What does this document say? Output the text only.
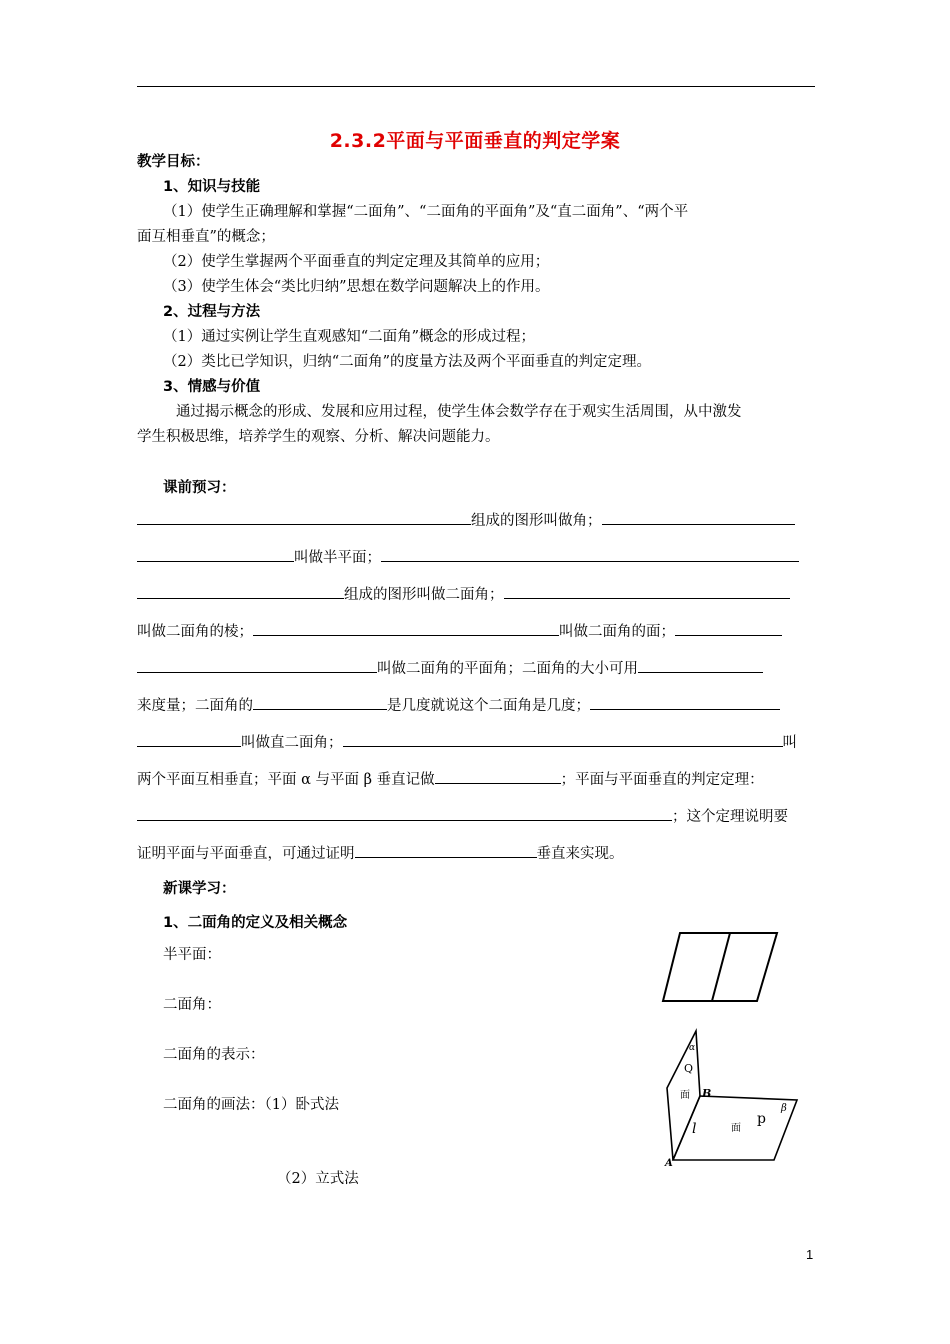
2.3.2平面与平面垂直的判定学案
教学目标：
1、知识与技能
（1）使学生正确理解和掌握“二面角”、“二面角的平面角”及“直二面角”、“两个平
面互相垂直”的概念；
（2）使学生掌握两个平面垂直的判定定理及其简单的应用；
（3）使学生体会“类比归纳”思想在数学问题解决上的作用。
2、过程与方法
（1）通过实例让学生直观感知“二面角”概念的形成过程；
（2）类比已学知识，归纳“二面角”的度量方法及两个平面垂直的判定定理。
3、情感与价值
通过揭示概念的形成、发展和应用过程，使学生体会数学存在于观实生活周围，从中激发
学生积极思维，培养学生的观察、分析、解决问题能力。
课前预习：
组成的图形叫做角；
叫做半平面；
组成的图形叫做二面角；
叫做二面角的棱；	叫做二面角的面；
叫做二面角的平面角；二面角的大小可用
来度量；二面角的	是几度就说这个二面角是几度；
叫做直二面角；	叫
两个平面互相垂直；平面 α 与平面 β 垂直记做	；平面与平面垂直的判定定理：
；这个定理说明要
证明平面与平面垂直，可通过证明	垂直来实现。
新课学习：
1、二面角的定义及相关概念
半平面：
二面角：
二面角的表示：
二面角的画法：（1）卧式法
（2）立式法
α
Q
面 B
β
p
l	面
A
1
